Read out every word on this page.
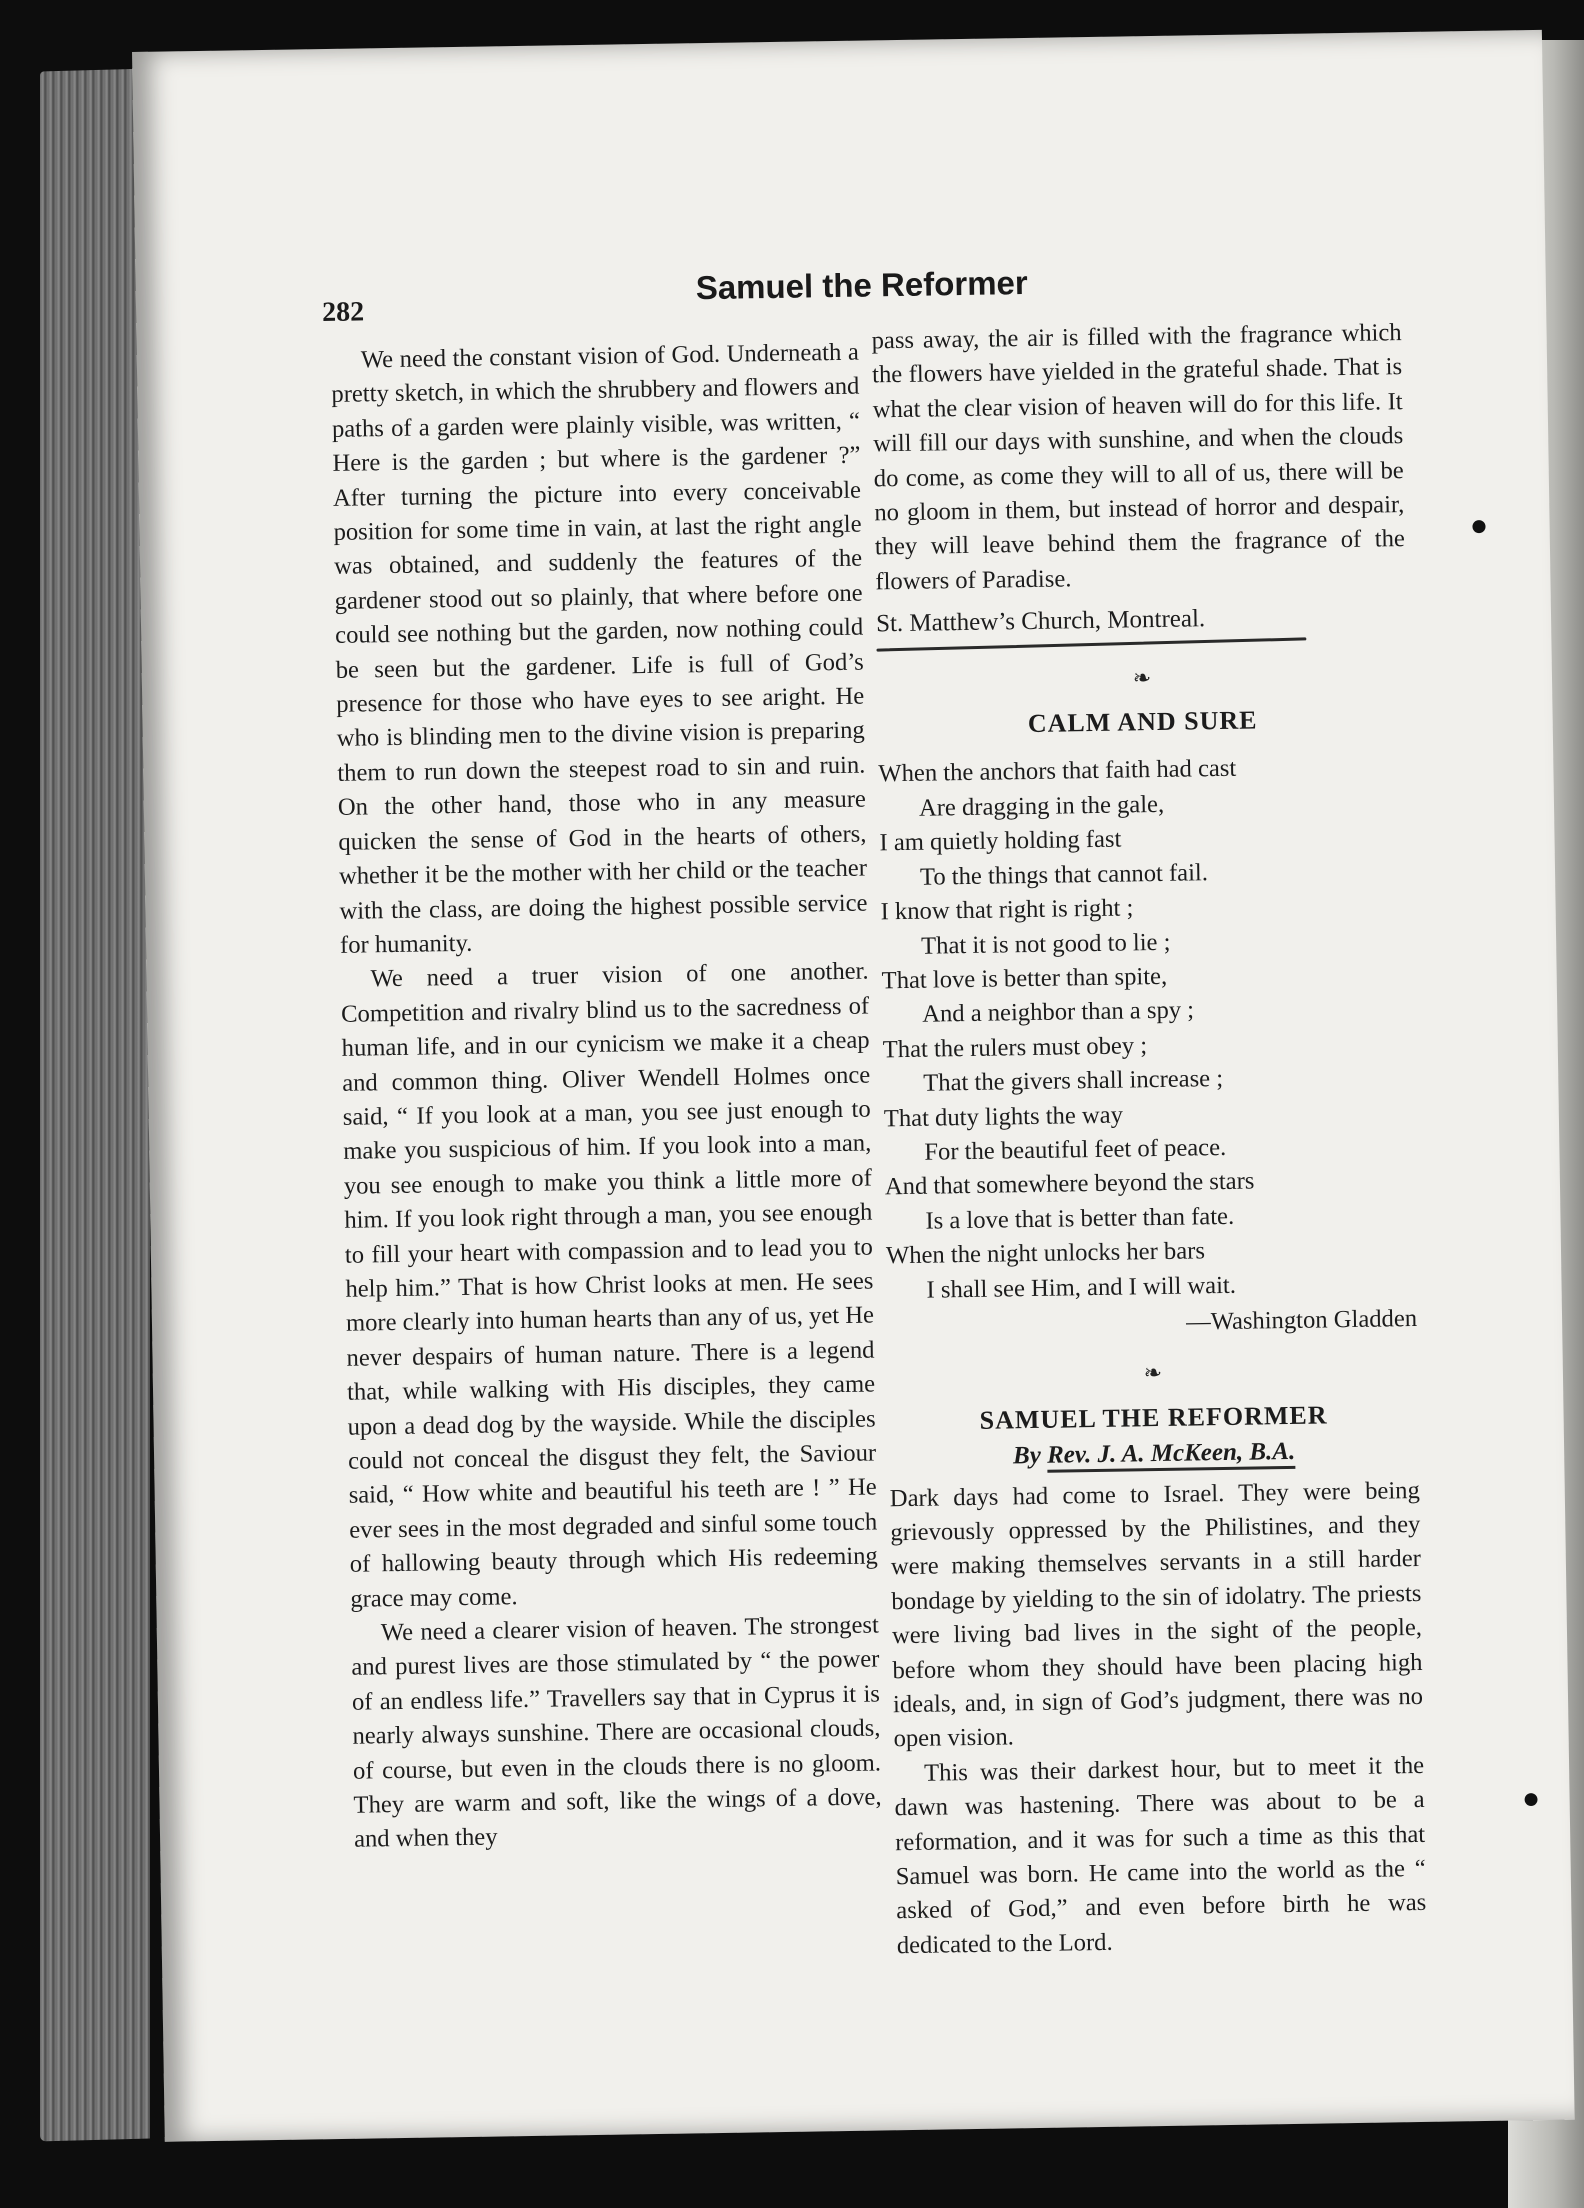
282
Samuel the Reformer

We need the constant vision of God. Underneath a pretty sketch, in which the shrubbery and flowers and paths of a garden were plainly visible, was written, “ Here is the garden ; but where is the gardener ?” After turning the picture into every conceivable position for some time in vain, at last the right angle was obtained, and suddenly the features of the gardener stood out so plainly, that where before one could see nothing but the garden, now nothing could be seen but the gardener. Life is full of God’s presence for those who have eyes to see aright. He who is blinding men to the divine vision is preparing them to run down the steepest road to sin and ruin. On the other hand, those who in any measure quicken the sense of God in the hearts of others, whether it be the mother with her child or the teacher with the class, are doing the highest possible service for humanity.

We need a truer vision of one another. Competition and rivalry blind us to the sacredness of human life, and in our cynicism we make it a cheap and common thing. Oliver Wendell Holmes once said, “ If you look at a man, you see just enough to make you suspicious of him. If you look into a man, you see enough to make you think a little more of him. If you look right through a man, you see enough to fill your heart with compassion and to lead you to help him.” That is how Christ looks at men. He sees more clearly into human hearts than any of us, yet He never despairs of human nature. There is a legend that, while walking with His disciples, they came upon a dead dog by the wayside. While the disciples could not conceal the disgust they felt, the Saviour said, “ How white and beautiful his teeth are ! ” He ever sees in the most degraded and sinful some touch of hallowing beauty through which His redeeming grace may come.

We need a clearer vision of heaven. The strongest and purest lives are those stimulated by “ the power of an endless life.” Travellers say that in Cyprus it is nearly always sunshine. There are occasional clouds, of course, but even in the clouds there is no gloom. They are warm and soft, like the wings of a dove, and when they

pass away, the air is filled with the fragrance which the flowers have yielded in the grateful shade. That is what the clear vision of heaven will do for this life. It will fill our days with sunshine, and when the clouds do come, as come they will to all of us, there will be no gloom in them, but instead of horror and despair, they will leave behind them the fragrance of the flowers of Paradise.

St. Matthew’s Church, Montreal.
❧
CALM AND SURE
When the anchors that faith had cast
Are dragging in the gale,
I am quietly holding fast
To the things that cannot fail.
I know that right is right ;
That it is not good to lie ;
That love is better than spite,
And a neighbor than a spy ;
That the rulers must obey ;
That the givers shall increase ;
That duty lights the way
For the beautiful feet of peace.
And that somewhere beyond the stars
Is a love that is better than fate.
When the night unlocks her bars
I shall see Him, and I will wait.
—Washington Gladden
❧
SAMUEL THE REFORMER
By Rev. J. A. McKeen, B.A.

Dark days had come to Israel. They were being grievously oppressed by the Philistines, and they were making themselves servants in a still harder bondage by yielding to the sin of idolatry. The priests were living bad lives in the sight of the people, before whom they should have been placing high ideals, and, in sign of God’s judgment, there was no open vision.

This was their darkest hour, but to meet it the dawn was hastening. There was about to be a reformation, and it was for such a time as this that Samuel was born. He came into the world as the “ asked of God,” and even before birth he was dedicated to the Lord.

⦁
●
